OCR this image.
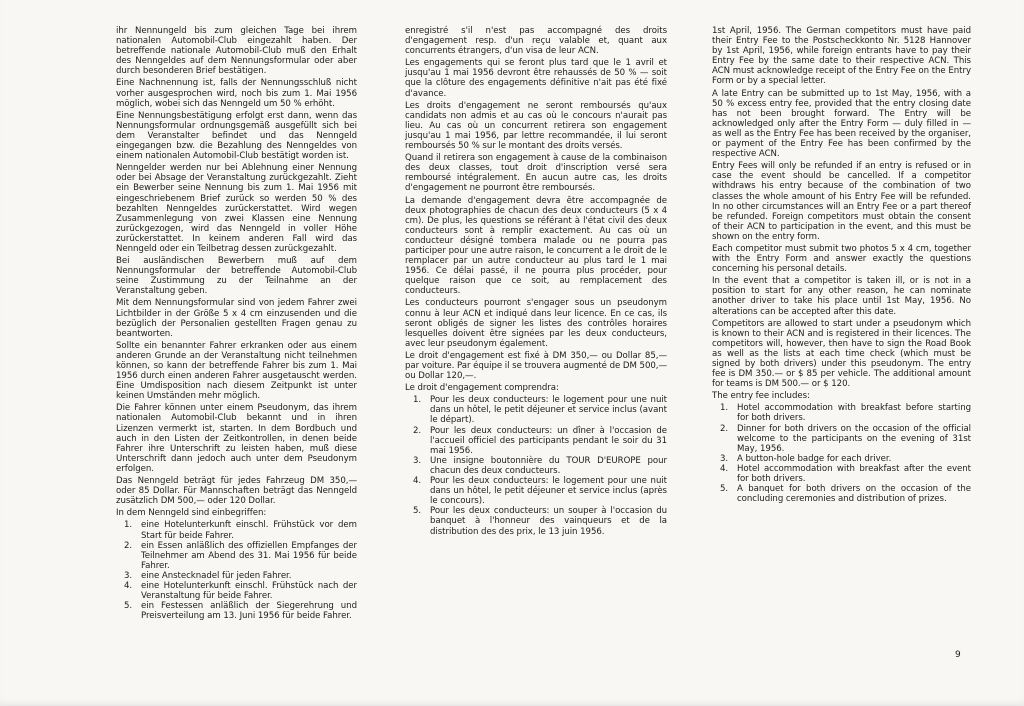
ihr Nennungeld bis zum gleichen Tage bei ihrem nationalen Automobil-Club eingezahlt haben. Der betreffende nationale Automobil-Club muß den Erhalt des Nenngeldes auf dem Nennungsformular oder aber durch besonderen Brief bestätigen.

Eine Nachnennung ist, falls der Nennungsschluß nicht vorher ausgesprochen wird, noch bis zum 1. Mai 1956 möglich, wobei sich das Nenngeld um 50 % erhöht.

Eine Nennungsbestätigung erfolgt erst dann, wenn das Nennungsformular ordnungsgemäß ausgefüllt sich bei dem Veranstalter befindet und das Nenngeld eingegangen bzw. die Bezahlung des Nenngeldes von einem nationalen Automobil-Club bestätigt worden ist.

Nenngelder werden nur bei Ablehnung einer Nennung oder bei Absage der Veranstaltung zurückgezahlt. Zieht ein Bewerber seine Nennung bis zum 1. Mai 1956 mit eingeschriebenem Brief zurück so werden 50 % des bezahlten Nenngeldes zurückerstattet. Wird wegen Zusammenlegung von zwei Klassen eine Nennung zurückgezogen, wird das Nenngeld in voller Höhe zurückerstattet. In keinem anderen Fall wird das Nenngeld oder ein Teilbetrag dessen zurückgezahlt.

Bei ausländischen Bewerbern muß auf dem Nennungsformular der betreffende Automobil-Club seine Zustimmung zu der Teilnahme an der Veranstaltung geben.

Mit dem Nennungsformular sind von jedem Fahrer zwei Lichtbilder in der Größe 5 x 4 cm einzusenden und die bezüglich der Personalien gestellten Fragen genau zu beantworten.

Sollte ein benannter Fahrer erkranken oder aus einem anderen Grunde an der Veranstaltung nicht teilnehmen können, so kann der betreffende Fahrer bis zum 1. Mai 1956 durch einen anderen Fahrer ausgetauscht werden. Eine Umdisposition nach diesem Zeitpunkt ist unter keinen Umständen mehr möglich.

Die Fahrer können unter einem Pseudonym, das ihrem nationalen Automobil-Club bekannt und in ihren Lizenzen vermerkt ist, starten. In dem Bordbuch und auch in den Listen der Zeitkontrollen, in denen beide Fahrer ihre Unterschrift zu leisten haben, muß diese Unterschrift dann jedoch auch unter dem Pseudonym erfolgen.

Das Nenngeld beträgt für jedes Fahrzeug DM 350,— oder 85 Dollar. Für Mannschaften beträgt das Nenngeld zusätzlich DM 500,— oder 120 Dollar.

In dem Nenngeld sind einbegriffen:

1. eine Hotelunterkunft einschl. Frühstück vor dem Start für beide Fahrer.
2. ein Essen anläßlich des offiziellen Empfanges der Teilnehmer am Abend des 31. Mai 1956 für beide Fahrer.
3. eine Anstecknadel für jeden Fahrer.
4. eine Hotelunterkunft einschl. Frühstück nach der Veranstaltung für beide Fahrer.
5. ein Festessen anläßlich der Siegerehrung und Preisverteilung am 13. Juni 1956 für beide Fahrer.

enregistré s'il n'est pas accompagné des droits d'engagement resp. d'un reçu valable et, quant aux concurrents étrangers, d'un visa de leur ACN.

Les engagements qui se feront plus tard que le 1 avril et jusqu'au 1 mai 1956 devront être rehaussés de 50 % — soit que la clôture des engagements définitive n'ait pas été fixé d'avance.

Les droits d'engagement ne seront remboursés qu'aux candidats non admis et au cas où le concours n'aurait pas lieu. Au cas où un concurrent retirera son engagement jusqu'au 1 mai 1956, par lettre recommandée, il lui seront remboursés 50 % sur le montant des droits versés.

Quand il retirera son engagement à cause de la combinaison des deux classes, tout droit d'inscription versé sera remboursé intégralement. En aucun autre cas, les droits d'engagement ne pourront être remboursés.

La demande d'engagement devra être accompagnée de deux photographies de chacun des deux conducteurs (5 x 4 cm). De plus, les questions se référant à l'état civil des deux conducteurs sont à remplir exactement. Au cas où un conducteur désigné tombera malade ou ne pourra pas participer pour une autre raison, le concurrent a le droit de le remplacer par un autre conducteur au plus tard le 1 mai 1956. Ce délai passé, il ne pourra plus procéder, pour quelque raison que ce soit, au remplacement des conducteurs.

Les conducteurs pourront s'engager sous un pseudonym connu à leur ACN et indiqué dans leur licence. En ce cas, ils seront obligés de signer les listes des contrôles horaires lesquelles doivent être signées par les deux conducteurs, avec leur pseudonym également.

Le droit d'engagement est fixé à DM 350,— ou Dollar 85,— par voiture. Par équipe il se trouvera augmenté de DM 500,— ou Dollar 120,—.

Le droit d'engagement comprendra:

1. Pour les deux conducteurs: le logement pour une nuit dans un hôtel, le petit déjeuner et service inclus (avant le départ).
2. Pour les deux conducteurs: un dîner à l'occasion de l'accueil officiel des participants pendant le soir du 31 mai 1956.
3. Une insigne boutonnière du TOUR D'EUROPE pour chacun des deux conducteurs.
4. Pour les deux conducteurs: le logement pour une nuit dans un hôtel, le petit déjeuner et service inclus (après le concours).
5. Pour les deux conducteurs: un souper à l'occasion du banquet à l'honneur des vainqueurs et de la distribution des des prix, le 13 juin 1956.

1st April, 1956. The German competitors must have paid their Entry Fee to the Postscheckkonto Nr. 5128 Hannover by 1st April, 1956, while foreign entrants have to pay their Entry Fee by the same date to their respective ACN. This ACN must acknowledge receipt of the Entry Fee on the Entry Form or by a special letter.

A late Entry can be submitted up to 1st May, 1956, with a 50 % excess entry fee, provided that the entry closing date has not been brought forward. The Entry will be acknowledged only after the Entry Form — duly filled in — as well as the Entry Fee has been received by the organiser, or payment of the Entry Fee has been confirmed by the respective ACN.

Entry Fees will only be refunded if an entry is refused or in case the event should be cancelled. If a competitor withdraws his entry because of the combination of two classes the whole amount of his Entry Fee will be refunded. In no other circumstances will an Entry Fee or a part thereof be refunded. Foreign competitors must obtain the consent of their ACN to participation in the event, and this must be shown on the entry form.

Each competitor must submit two photos 5 x 4 cm, together with the Entry Form and answer exactly the questions concerning his personal details.

In the event that a competitor is taken ill, or is not in a position to start for any other reason, he can nominate another driver to take his place until 1st May, 1956. No alterations can be accepted after this date.

Competitors are allowed to start under a pseudonym which is known to their ACN and is registered in their licences. The competitors will, however, then have to sign the Road Book as well as the lists at each time check (which must be signed by both drivers) under this pseudonym. The entry fee is DM 350.— or $ 85 per vehicle. The additional amount for teams is DM 500.— or $ 120.

The entry fee includes:

1. Hotel accommodation with breakfast before starting for both drivers.
2. Dinner for both drivers on the occasion of the official welcome to the participants on the evening of 31st May, 1956.
3. A button-hole badge for each driver.
4. Hotel accommodation with breakfast after the event for both drivers.
5. A banquet for both drivers on the occasion of the concluding ceremonies and distribution of prizes.
9
